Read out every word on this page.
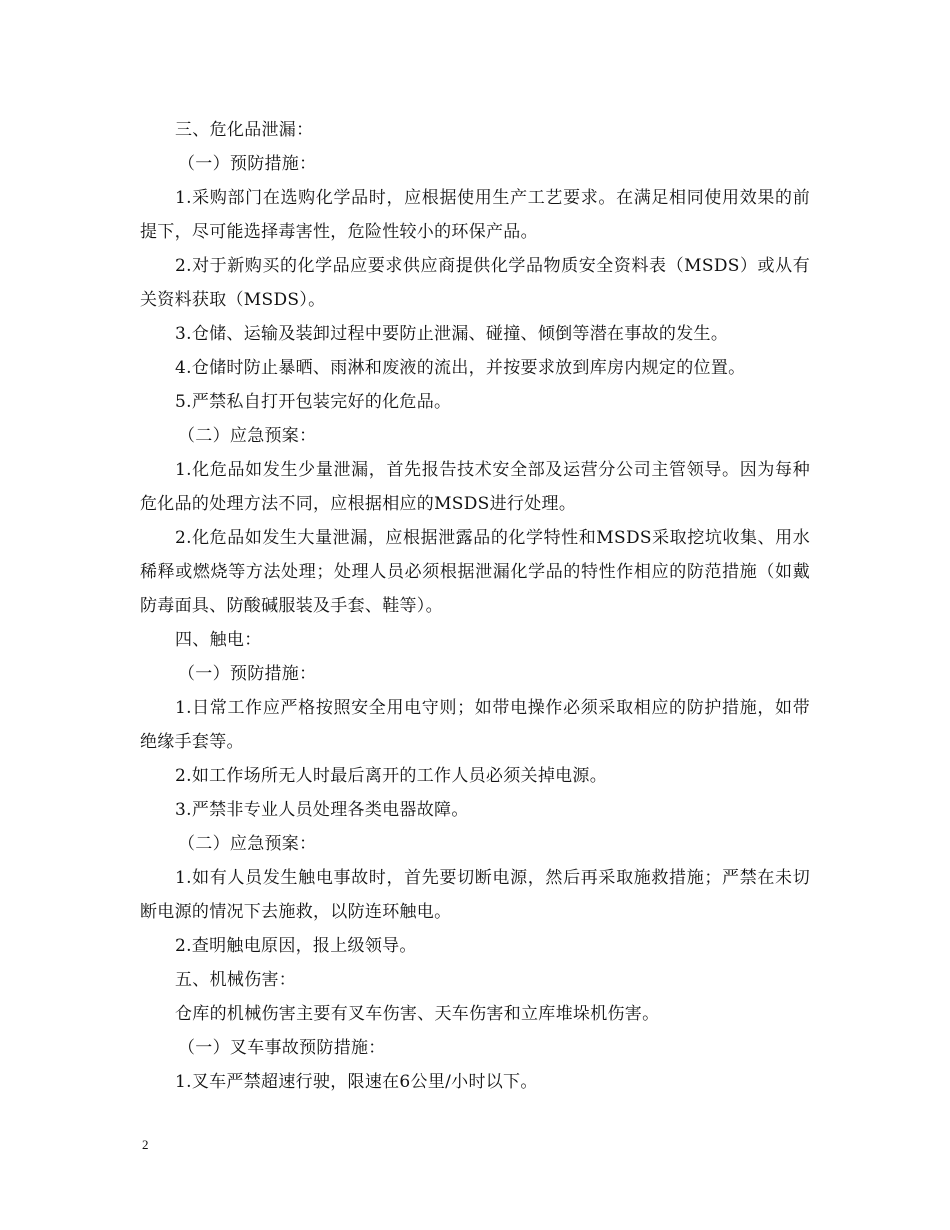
三、危化品泄漏：

（一）预防措施：

1.采购部门在选购化学品时，应根据使用生产工艺要求。在满足相同使用效果的前提下，尽可能选择毒害性，危险性较小的环保产品。

2.对于新购买的化学品应要求供应商提供化学品物质安全资料表（MSDS）或从有关资料获取（MSDS）。

3.仓储、运输及装卸过程中要防止泄漏、碰撞、倾倒等潜在事故的发生。

4.仓储时防止暴晒、雨淋和废液的流出，并按要求放到库房内规定的位置。

5.严禁私自打开包装完好的化危品。

（二）应急预案：

1.化危品如发生少量泄漏，首先报告技术安全部及运营分公司主管领导。因为每种危化品的处理方法不同，应根据相应的MSDS进行处理。

2.化危品如发生大量泄漏，应根据泄露品的化学特性和MSDS采取挖坑收集、用水稀释或燃烧等方法处理；处理人员必须根据泄漏化学品的特性作相应的防范措施（如戴防毒面具、防酸碱服装及手套、鞋等）。

四、触电：

（一）预防措施：

1.日常工作应严格按照安全用电守则；如带电操作必须采取相应的防护措施，如带绝缘手套等。

2.如工作场所无人时最后离开的工作人员必须关掉电源。

3.严禁非专业人员处理各类电器故障。

（二）应急预案：

1.如有人员发生触电事故时，首先要切断电源，然后再采取施救措施；严禁在未切断电源的情况下去施救，以防连环触电。

2.查明触电原因，报上级领导。

五、机械伤害：

仓库的机械伤害主要有叉车伤害、天车伤害和立库堆垛机伤害。

（一）叉车事故预防措施：

1.叉车严禁超速行驶，限速在6公里/小时以下。

2
